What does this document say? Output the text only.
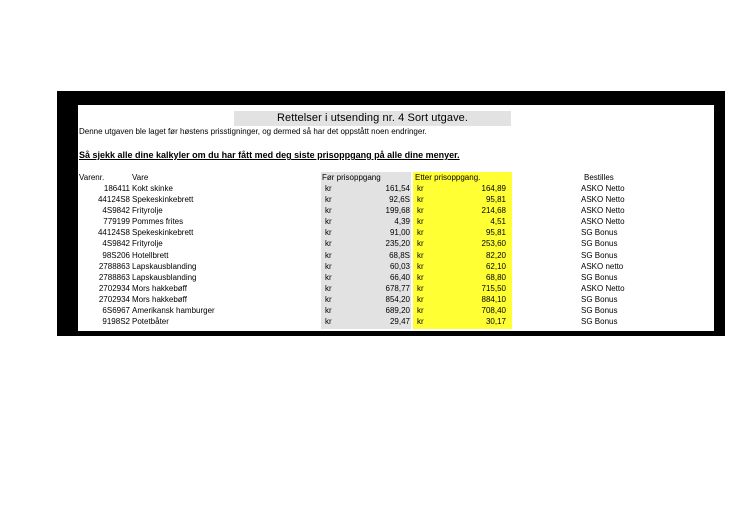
Rettelser i utsending nr. 4 Sort utgave.
Denne utgaven ble laget før høstens prisstigninger, og dermed så har det oppstått noen endringer.
Så sjekk alle dine kalkyler om du har fått med deg siste prisoppgang på alle dine menyer.
Varenr.	Vare	Før prisoppgang	Etter prisoppgang.	Bestilles
186411 Kokt skinke	kr	161,54 kr	164,89	ASKO Netto
44124S8 Spekeskinkebrett	kr	92,6S kr	95,81	ASKO Netto
4S9842 Frityrolje	kr	199,68 kr	214,68	ASKO Netto
779199 Pommes frites	kr	4,39 kr	4,51	ASKO Netto
44124S8 Spekeskinkebrett	kr	91,00 kr	95,81	SG Bonus
4S9842 Frityrolje	kr	235,20 kr	253,60	SG Bonus
98S206 Hotellbrett	kr	68,8S kr	82,20	SG Bonus
2788863 Lapskausblanding	kr	60,03 kr	62,10	ASKO netto
2788863 Lapskausblanding	kr	66,40 kr	68,80	SG Bonus
2702934 Mors hakkebøff	kr	678,77 kr	715,50	ASKO Netto
2702934 Mors hakkebøff	kr	854,20 kr	884,10	SG Bonus
6S6967 Amerikansk hamburger	kr	689,20 kr	708,40	SG Bonus
9198S2 Potetbåter	kr	29,47 kr	30,17	SG Bonus
